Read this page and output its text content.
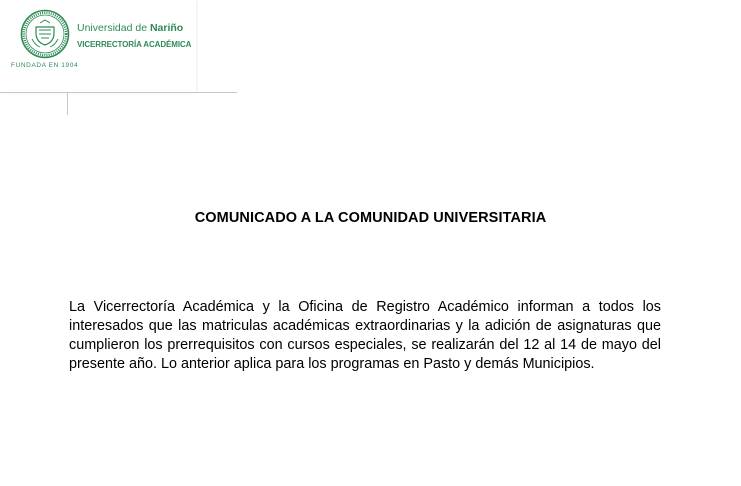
Universidad de Nariño
VICERRECTORÍA ACADÉMICA
FUNDADA EN 1904
COMUNICADO A LA COMUNIDAD UNIVERSITARIA

La Vicerrectoría Académica y la Oficina de Registro Académico informan a todos los interesados que las matriculas académicas extraordinarias y la adición de asignaturas que cumplieron los prerrequisitos con cursos especiales, se realizarán del 12 al 14 de mayo del presente año. Lo anterior aplica para los programas en Pasto y demás Municipios.
